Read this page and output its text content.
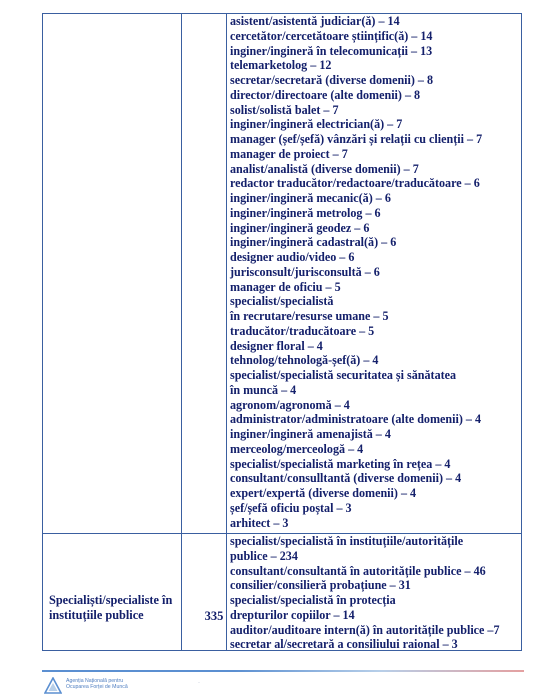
asistent/asistentă judiciar(ă) – 14
cercetător/cercetătoare științific(ă) – 14
inginer/ingineră în telecomunicații – 13
telemarketolog – 12
secretar/secretară (diverse domenii) – 8
director/directoare (alte domenii) – 8
solist/solistă balet – 7
inginer/ingineră electrician(ă) – 7
manager (șef/șefă) vânzări și relații cu clienții – 7
manager de proiect – 7
analist/analistă (diverse domenii) – 7
redactor traducător/redactoare/traducătoare – 6
inginer/ingineră mecanic(ă) – 6
inginer/ingineră metrolog – 6
inginer/ingineră geodez – 6
inginer/ingineră cadastral(ă) – 6
designer audio/video – 6
jurisconsult/jurisconsultă – 6
manager de oficiu – 5
specialist/specialistă
în recrutare/resurse umane – 5
traducător/traducătoare – 5
designer floral – 4
tehnolog/tehnologă-șef(ă) – 4
specialist/specialistă securitatea și sănătatea
în muncă – 4
agronom/agronomă – 4
administrator/administratoare (alte domenii) – 4
inginer/ingineră amenajistă – 4
merceolog/merceologă – 4
specialist/specialistă marketing în rețea – 4
consultant/consulltantă (diverse domenii) – 4
expert/expertă (diverse domenii) – 4
șef/șefă oficiu poștal – 3
arhitect – 3
Specialiști/specialiste în instituțiile publice	335
specialist/specialistă în instituțiile/autoritățile
publice – 234
consultant/consultantă în autoritățile publice – 46
consilier/consilieră probațiune – 31
specialist/specialistă în protecția
drepturilor copiilor – 14
auditor/auditoare intern(ă) în autoritățile publice –7
secretar al/secretară a consiliului raional – 3
Agenția Națională pentru
Ocuparea Forței de Muncă
·
